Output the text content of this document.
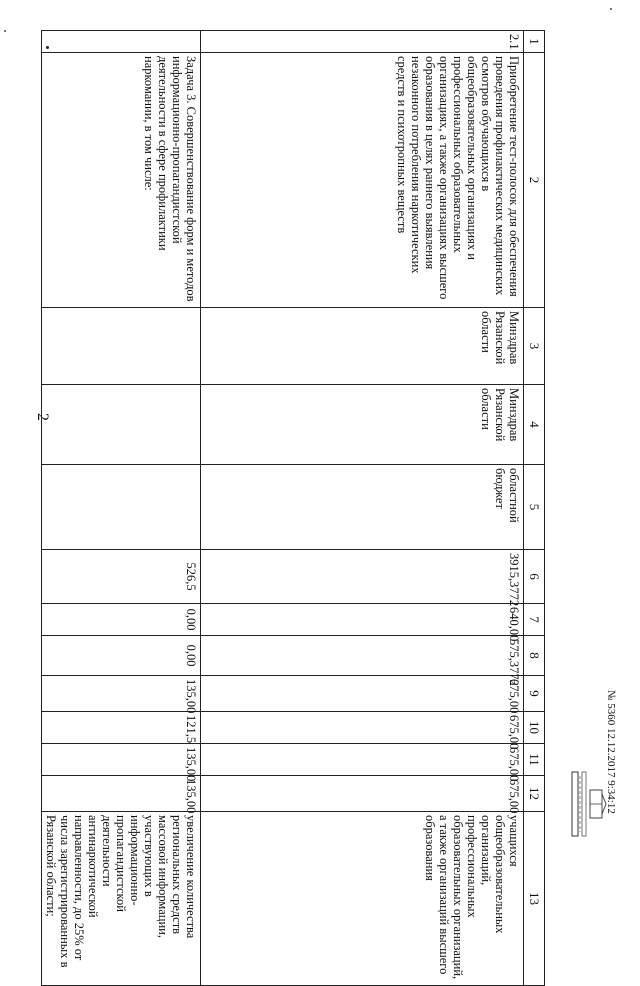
2
1	2	3	4	5	6	7	8	9	10	11	12	13
2.1	Приобретение тест-полосок для обеспечения проведения профилактических медицинских осмотров обучающихся в общеобразовательных организациях и профессиональных образовательных организациях, а также организациях высшего образования в целях раннего выявления незаконного потребления наркотических средств и психотропных веществ	Минздрав Рязанской области	Минздрав Рязанской области	областной бюджет	3915,3772	640,00	575,3772	675,00	675,00	675,00	675,00	учащихся общеобразовательных организаций, профессиональных образовательных организаций, а также организаций высшего образования
	Задача 3. Совершенствование форм и методов информационно-пропагандистской деятельности в сфере профилактики наркомании, в том числе:				526,5	0,00	0,00	135,00	121,5	135,00	135,00	увеличение количества региональных средств массовой информации, участвующих в информационно-пропагандистской деятельности антинаркотической направленности, до 25% от числа зарегистрированных в Рязанской области;
№ 5360 12.12.2017 9:34:12
